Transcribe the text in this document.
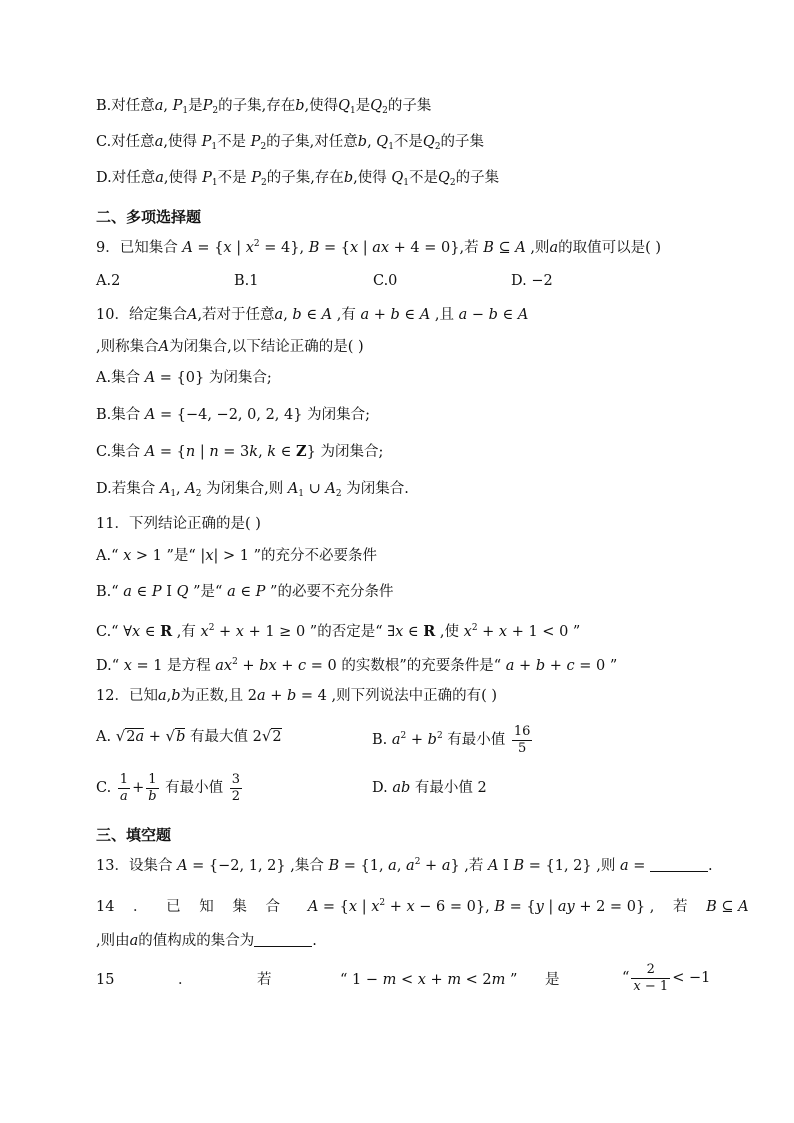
B.对任意a, $P_1$是$P_2$的子集,存在b,使得$Q_1$是$Q_2$的子集
C.对任意a,使得 $P_1$不是 $P_2$的子集,对任意b, $Q_1$不是$Q_2$的子集
D.对任意a,使得 $P_1$不是 $P_2$的子集,存在b,使得 $Q_1$不是$Q_2$的子集
二、多项选择题
9．已知集合 A = {x | $x^2 = 4$}, B = {x | ax + 4 = 0},若 B ⊆ A ,则a的取值可以是( )
A.2	B.1	C.0	D. −2
10．给定集合A,若对于任意a, b ∈ A ,有 a + b ∈ A ,且 a − b ∈ A
,则称集合A为闭集合,以下结论正确的是( )
A.集合 A = {0} 为闭集合;
B.集合 A = {−4, −2, 0, 2, 4} 为闭集合;
C.集合 A = {n | n = 3k, k ∈ Z} 为闭集合;
D.若集合 $A_1$, $A_2$ 为闭集合,则 $A_1$ ∪ $A_2$ 为闭集合.
11．下列结论正确的是( )
A.“ x > 1 ”是“ |x| > 1 ”的充分不必要条件
B.“ a ∈ P I Q ”是“ a ∈ P ”的必要不充分条件
C.“ ∀x ∈ R ,有 $x^2 + x + 1 \ge 0$ ”的否定是“ ∃x ∈ R ,使 $x^2 + x + 1 < 0$ ”
D.“ x = 1 是方程 $ax^2$ + bx + c = 0 的实数根”的充要条件是“ a + b + c = 0 ”
12．已知a,b为正数,且 2a + b = 4 ,则下列说法中正确的有( )
A. √2a + √b 有最大值 2√2	B. $a^2 + b^2$ 有最小值 $\frac{16}{5}$
C. $\frac{1}{a} + \frac{1}{b}$ 有最小值 $\frac{3}{2}$	D. ab 有最小值 2
三、填空题
13．设集合 A = {−2, 1, 2} ,集合 B = {1, a, $a^2 + a$} ,若 A I B = {1, 2} ,则 a =	.
14 ． 已 知 集 合   A = {x | $x^2 + x - 6 = 0$}, B = {y | ay + 2 = 0} , 若 B ⊆ A
,则由a的值构成的集合为	.
15	．	若	“ 1 − m < x + m < 2m ” 是	“ $\frac{2}{x - 1} < -1$
